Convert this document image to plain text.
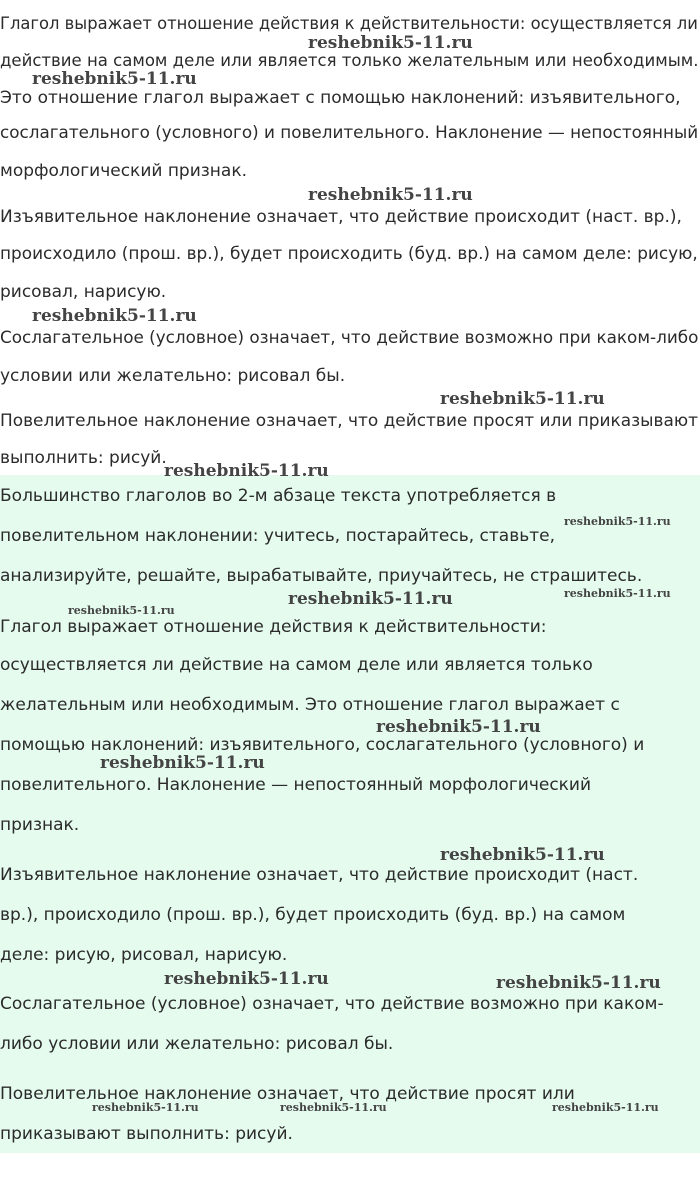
Глагол выражает отношение действия к действительности: осуществляется ли
действие на самом деле или является только желательным или необходимым.
Это отношение глагол выражает с помощью наклонений: изъявительного,
сослагательного (условного) и повелительного. Наклонение — непостоянный
морфологический признак.
Изъявительное наклонение означает, что действие происходит (наст. вр.),
происходило (прош. вр.), будет происходить (буд. вр.) на самом деле: рисую,
рисовал, нарисую.
Сослагательное (условное) означает, что действие возможно при каком-либо
условии или желательно: рисовал бы.
Повелительное наклонение означает, что действие просят или приказывают
выполнить: рисуй.
Большинство глаголов во 2-м абзаце текста употребляется в
повелительном наклонении: учитесь, постарайтесь, ставьте,
анализируйте, решайте, вырабатывайте, приучайтесь, не страшитесь.
Глагол выражает отношение действия к действительности:
осуществляется ли действие на самом деле или является только
желательным или необходимым. Это отношение глагол выражает с
помощью наклонений: изъявительного, сослагательного (условного) и
повелительного. Наклонение — непостоянный морфологический
признак.
Изъявительное наклонение означает, что действие происходит (наст.
вр.), происходило (прош. вр.), будет происходить (буд. вр.) на самом
деле: рисую, рисовал, нарисую.
Сослагательное (условное) означает, что действие возможно при каком-
либо условии или желательно: рисовал бы.
Повелительное наклонение означает, что действие просят или
приказывают выполнить: рисуй.
reshebnik5-11.ru
reshebnik5-11.ru
reshebnik5-11.ru
reshebnik5-11.ru
reshebnik5-11.ru
reshebnik5-11.ru
reshebnik5-11.ru
reshebnik5-11.ru
reshebnik5-11.ru
reshebnik5-11.ru
reshebnik5-11.ru
reshebnik5-11.ru
reshebnik5-11.ru
reshebnik5-11.ru	reshebnik5-11.ru
reshebnik5-11.ru	reshebnik5-11.ru	reshebnik5-11.ru
